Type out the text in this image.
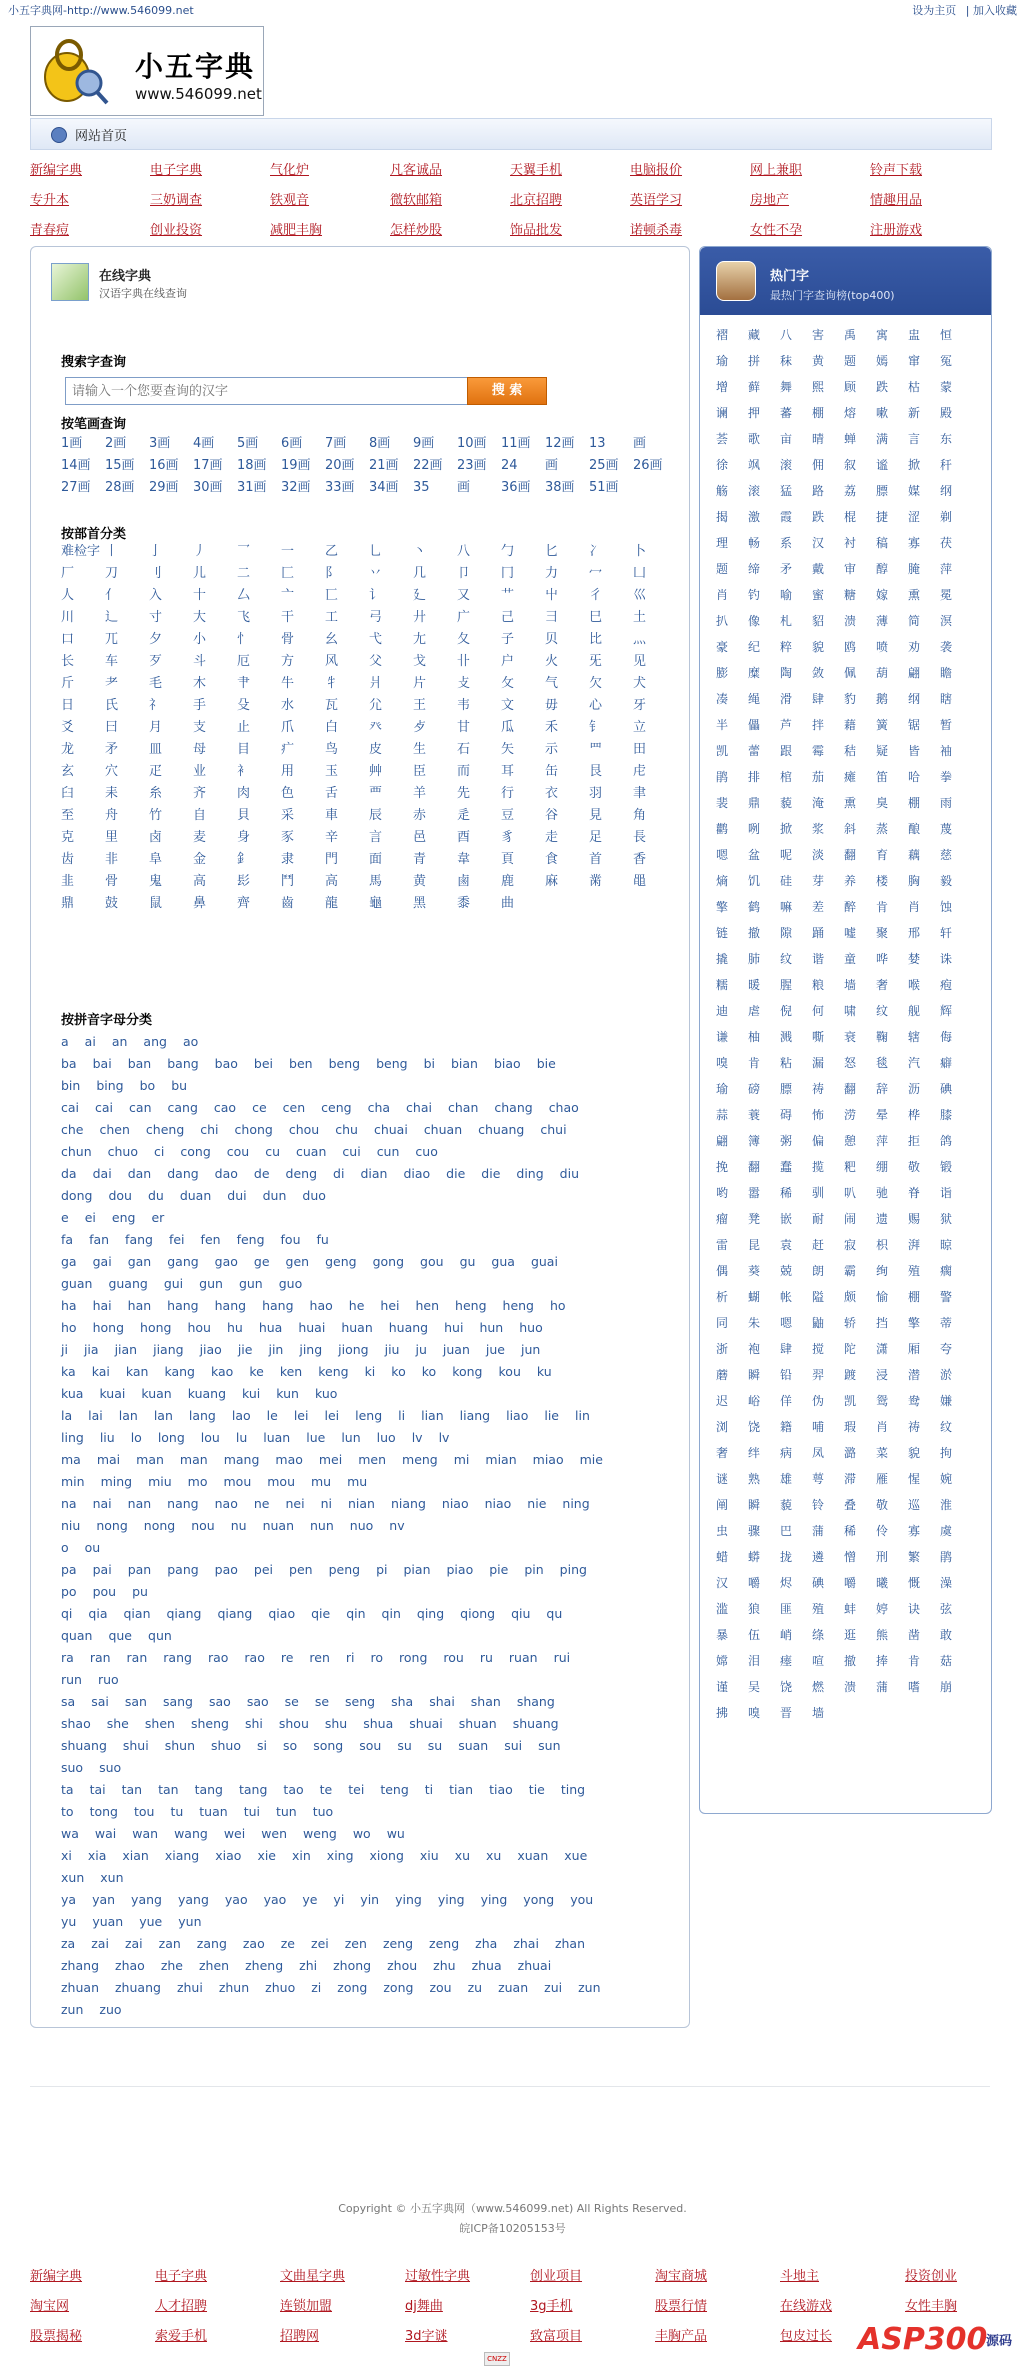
小五字典网-http://www.546099.net	设为主页 | 加入收藏
小五字典
www.546099.net
网站首页
新编字典	电子字典	气化炉	凡客诚品	天翼手机	电脑报价	网上兼职	铃声下载
专升本	三奶调查	铁观音	微软邮箱	北京招聘	英语学习	房地产	情趣用品
青春痘	创业投资	减肥丰胸	怎样炒股	饰品批发	诺顿杀毒	女性不孕	注册游戏
在线字典
汉语字典在线查询
搜索字查询
请输入一个您要查询的汉字
搜 索
按笔画查询
1画	2画	3画	4画	5画	6画	7画	8画	9画	10画	11画	12画	13	画
14画	15画	16画	17画	18画	19画	20画	21画	22画	23画	24	画	25画	26画
27画	28画	29画	30画	31画	32画	33画	34画	35	画	36画	38画	51画
按部首分类
难检字 丨	亅	丿	乛	一	乙	乚	丶	八	勹	匕	冫	卜
厂	刀	刂	儿	二	匚	阝	丷	几	卩	冂	力	冖	凵
人	亻	入	十	厶	亠	匸	讠	廴	又	艹	屮	彳	巛
川	辶	寸	大	飞	干	工	弓	廾	广	己	彐	巳	土
口	兀	夕	小	忄	骨	幺	弋	尢	夂	子	贝	比	灬
长	车	歹	斗	厄	方	风	父	戈	卝	户	火	旡	见
斤	耂	毛	木	肀	牛	牜	爿	片	攴	攵	气	欠	犬
日	氏	礻	手	殳	水	瓦	尣	王	韦	文	毋	心	牙
爻	曰	月	支	止	爪	白	癶	歺	甘	瓜	禾	钅	立
龙	矛	皿	母	目	疒	鸟	皮	生	石	矢	示	罒	田
玄	穴	疋	业	衤	用	玉	艸	臣	而	耳	缶	艮	虍
臼	耒	糸	齐	肉	色	舌	覀	羊	先	行	衣	羽	聿
至	舟	竹	自	貝	采	車	辰	赤	辵	豆	谷	見	角
克	里	卤	麦	身	豕	辛	言	邑	酉	豸	走	足	長
齿	非	阜	金	釒	隶	門	面	青	韋	頁	食	首	香
韭	骨	鬼	高	髟	鬥	高	馬	黄	鹵	鹿	麻	黹	黽
鼎	鼓	鼠	鼻	齊	齒	龍	龜	黑	黍	曲
按拼音字母分类
a ai an ang ao
ba bai ban bang bao bei ben beng beng bi bian biao bie
bin bing bo bu
cai cai can cang cao ce cen ceng cha chai chan chang chao
che chen cheng chi chong chou chu chuai chuan chuang chui
chun chuo ci cong cou cu cuan cui cun cuo
da dai dan dang dao de deng di dian diao die die ding diu
dong dou du duan dui dun duo
e ei eng er
fa fan fang fei fen feng fou fu
ga gai gan gang gao ge gen geng gong gou gu gua guai
guan guang gui gun gun guo
ha hai han hang hang hang hao he hei hen heng heng ho
ho hong hong hou hu hua huai huan huang hui hun huo
ji jia jian jiang jiao jie jin jing jiong jiu ju juan jue jun
ka kai kan kang kao ke ken keng ki ko ko kong kou ku
kua kuai kuan kuang kui kun kuo
la lai lan lan lang lao le lei lei leng li lian liang liao lie lin
ling liu lo long lou lu luan lue lun luo lv lv
ma mai man man mang mao mei men meng mi mian miao mie
min ming miu mo mou mou mu mu
na nai nan nang nao ne nei ni nian niang niao niao nie ning
niu nong nong nou nu nuan nun nuo nv
o ou
pa pai pan pang pao pei pen peng pi pian piao pie pin ping
po pou pu
qi qia qian qiang qiang qiao qie qin qin qing qiong qiu qu
quan que qun
ra ran ran rang rao rao re ren ri ro rong rou ru ruan rui
run ruo
sa sai san sang sao sao se se seng sha shai shan shang
shao she shen sheng shi shou shu shua shuai shuan shuang
shuang shui shun shuo si so song sou su su suan sui sun
suo suo
ta tai tan tan tang tang tao te tei teng ti tian tiao tie ting
to tong tou tu tuan tui tun tuo
wa wai wan wang wei wen weng wo wu
xi xia xian xiang xiao xie xin xing xiong xiu xu xu xuan xue
xun xun
ya yan yang yang yao yao ye yi yin ying ying ying yong you
yu yuan yue yun
za zai zai zan zang zao ze zei zen zeng zeng zha zhai zhan
zhang zhao zhe zhen zheng zhi zhong zhou zhu zhua zhuai
zhuan zhuang zhui zhun zhuo zi zong zong zou zu zuan zui zun
zun zuo
热门字
最热门字查询榜(top400)
褶	藏	八	害	禹	寓	盅	恒
瑜	拼	秣	黄	题	嫣	窜	冤
增	藓	舞	熙	顾	跌	枯	蒙
谰	押	蕃	棚	熔	嗽	新	殿
荟	歌	亩	晴	蝉	满	言	东
徐	飒	滚	佣	叙	谧	掀	秆
觞	滚	猛	路	荔	膘	媒	纲
揭	激	霞	跌	棍	捷	涩	剃
理	畅	系	汉	衬	稿	寡	茯
题	缔	矛	戴	审	醇	腌	萍
肖	钓	喻	蜜	糖	嫁	熏	冕
扒	像	札	貂	溃	薄	简	溟
豪	纪	粹	貌	鸥	喷	劝	袭
膨	糜	陶	敛	佩	葫	翩	瞻
凑	绳	滑	肆	豹	鹅	纲	瞎
半	儡	芦	拌	藉	簧	锯	暂
凯	蕾	跟	霉	秸	疑	皆	袖
鹃	排	棺	茄	瘫	笛	哈	拳
裴	鼎	藐	淹	熏	臭	棚	雨
鹳	咧	掀	浆	斜	蒸	酿	蔑
嗯	盆	呢	淡	翻	育	藕	慈
熵	饥	硅	芽	养	楼	胸	毅
擎	鹤	嘛	差	醉	肯	肖	蚀
链	撤	隙	踊	嘘	聚	邢	轩
撬	肺	纹	谐	童	哗	婪	诛
糯	暖	腥	粮	墙	奢	喉	疱
迪	虐	倪	何	啸	纹	舰	辉
谦	柚	溅	嘶	衰	鞠	辖	侮
嗅	肯	粘	漏	怒	毯	汽	癖
瑜	磅	膘	祷	翻	辞	沥	碘
蒜	蓑	碍	怖	涝	晕	桦	膝
翩	簿	粥	偏	憩	萍	拒	鸽
挽	翻	蠢	揽	粑	绷	敬	锻
哟	嚣	稀	驯	叭	驰	脊	诣
瘤	凳	嵌	耐	闹	遗	赐	狱
雷	昆	袁	赶	寂	枳	湃	晾
偶	葵	兢	朗	霸	绚	殖	瘸
析	蝴	帐	隘	颇	愉	棚	警
同	朱	嗯	鼬	轿	挡	擎	蒂
浙	袍	肆	搅	陀	潇	厢	夸
蘑	瞬	铅	羿	踱	浸	潜	淤
迟	峪	佯	伪	凯	鸳	鸯	嫌
浏	饶	籍	哺	瑕	肖	祷	纹
奢	绊	病	凤	潞	菜	貌	拘
谜	熟	雄	萼	滞	雁	惺	婉
阐	瞬	藐	铃	叠	敬	巡	淮
虫	骤	巴	蒲	稀	伶	寡	虞
蜡	蟒	拢	遴	憎	刑	繁	鹃
汉	嚼	烬	碘	嚼	曦	慨	澡
滥	狼	匪	殖	蚌	婷	诀	弦
暴	伍	峭	绦	逛	熊	凿	敢
嫦	泪	瘗	喧	撤	捧	肯	菇
谨	吴	饶	燃	溃	蒲	嗜	崩
拂	嗅	晋	墙
Copyright © 小五字典网（www.546099.net) All Rights Reserved.
皖ICP备10205153号
新编字典	电子字典	文曲星字典	过敏性字典	创业项目	淘宝商城	斗地主	投资创业
淘宝网	人才招聘	连锁加盟	dj舞曲	3g手机	股票行情	在线游戏	女性丰胸
股票揭秘	索爱手机	招聘网	3d字谜	致富项目	丰胸产品	包皮过长
CNZZ
ASP300
源码
